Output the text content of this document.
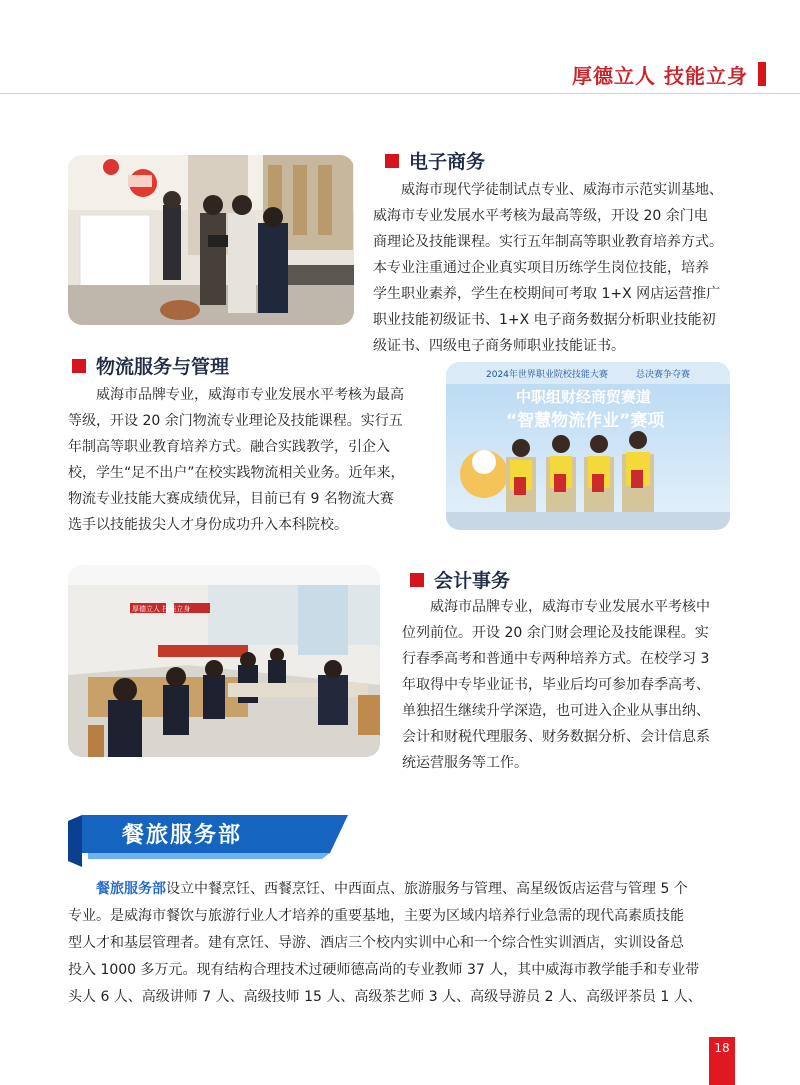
厚德立人 技能立身
电子商务

威海市现代学徒制试点专业、威海市示范实训基地、

威海市专业发展水平考核为最高等级，开设 20 余门电

商理论及技能课程。实行五年制高等职业教育培养方式。

本专业注重通过企业真实项目历练学生岗位技能，培养

学生职业素养，学生在校期间可考取 1+X 网店运营推广

职业技能初级证书、1+X 电子商务数据分析职业技能初

级证书、四级电子商务师职业技能证书。

物流服务与管理

威海市品牌专业，威海市专业发展水平考核为最高

等级，开设 20 余门物流专业理论及技能课程。实行五

年制高等职业教育培养方式。融合实践教学，引企入

校，学生“足不出户”在校实践物流相关业务。近年来，

物流专业技能大赛成绩优异，目前已有 9 名物流大赛

选手以技能拔尖人才身份成功升入本科院校。

2024年世界职业院校技能大赛	总决赛争夺赛
中职组财经商贸赛道
“智慧物流作业”赛项
厚德立人 技能立身
会计事务

威海市品牌专业，威海市专业发展水平考核中

位列前位。开设 20 余门财会理论及技能课程。实

行春季高考和普通中专两种培养方式。在校学习 3

年取得中专毕业证书，毕业后均可参加春季高考、

单独招生继续升学深造，也可进入企业从事出纳、

会计和财税代理服务、财务数据分析、会计信息系

统运营服务等工作。

餐旅服务部
餐旅服务部设立中餐烹饪、西餐烹饪、中西面点、旅游服务与管理、高星级饭店运营与管理 5 个
专业。是威海市餐饮与旅游行业人才培养的重要基地，主要为区域内培养行业急需的现代高素质技能
型人才和基层管理者。建有烹饪、导游、酒店三个校内实训中心和一个综合性实训酒店，实训设备总
投入 1000 多万元。现有结构合理技术过硬师德高尚的专业教师 37 人，其中威海市教学能手和专业带
头人 6 人、高级讲师 7 人、高级技师 15 人、高级茶艺师 3 人、高级导游员 2 人、高级评茶员 1 人、
18
